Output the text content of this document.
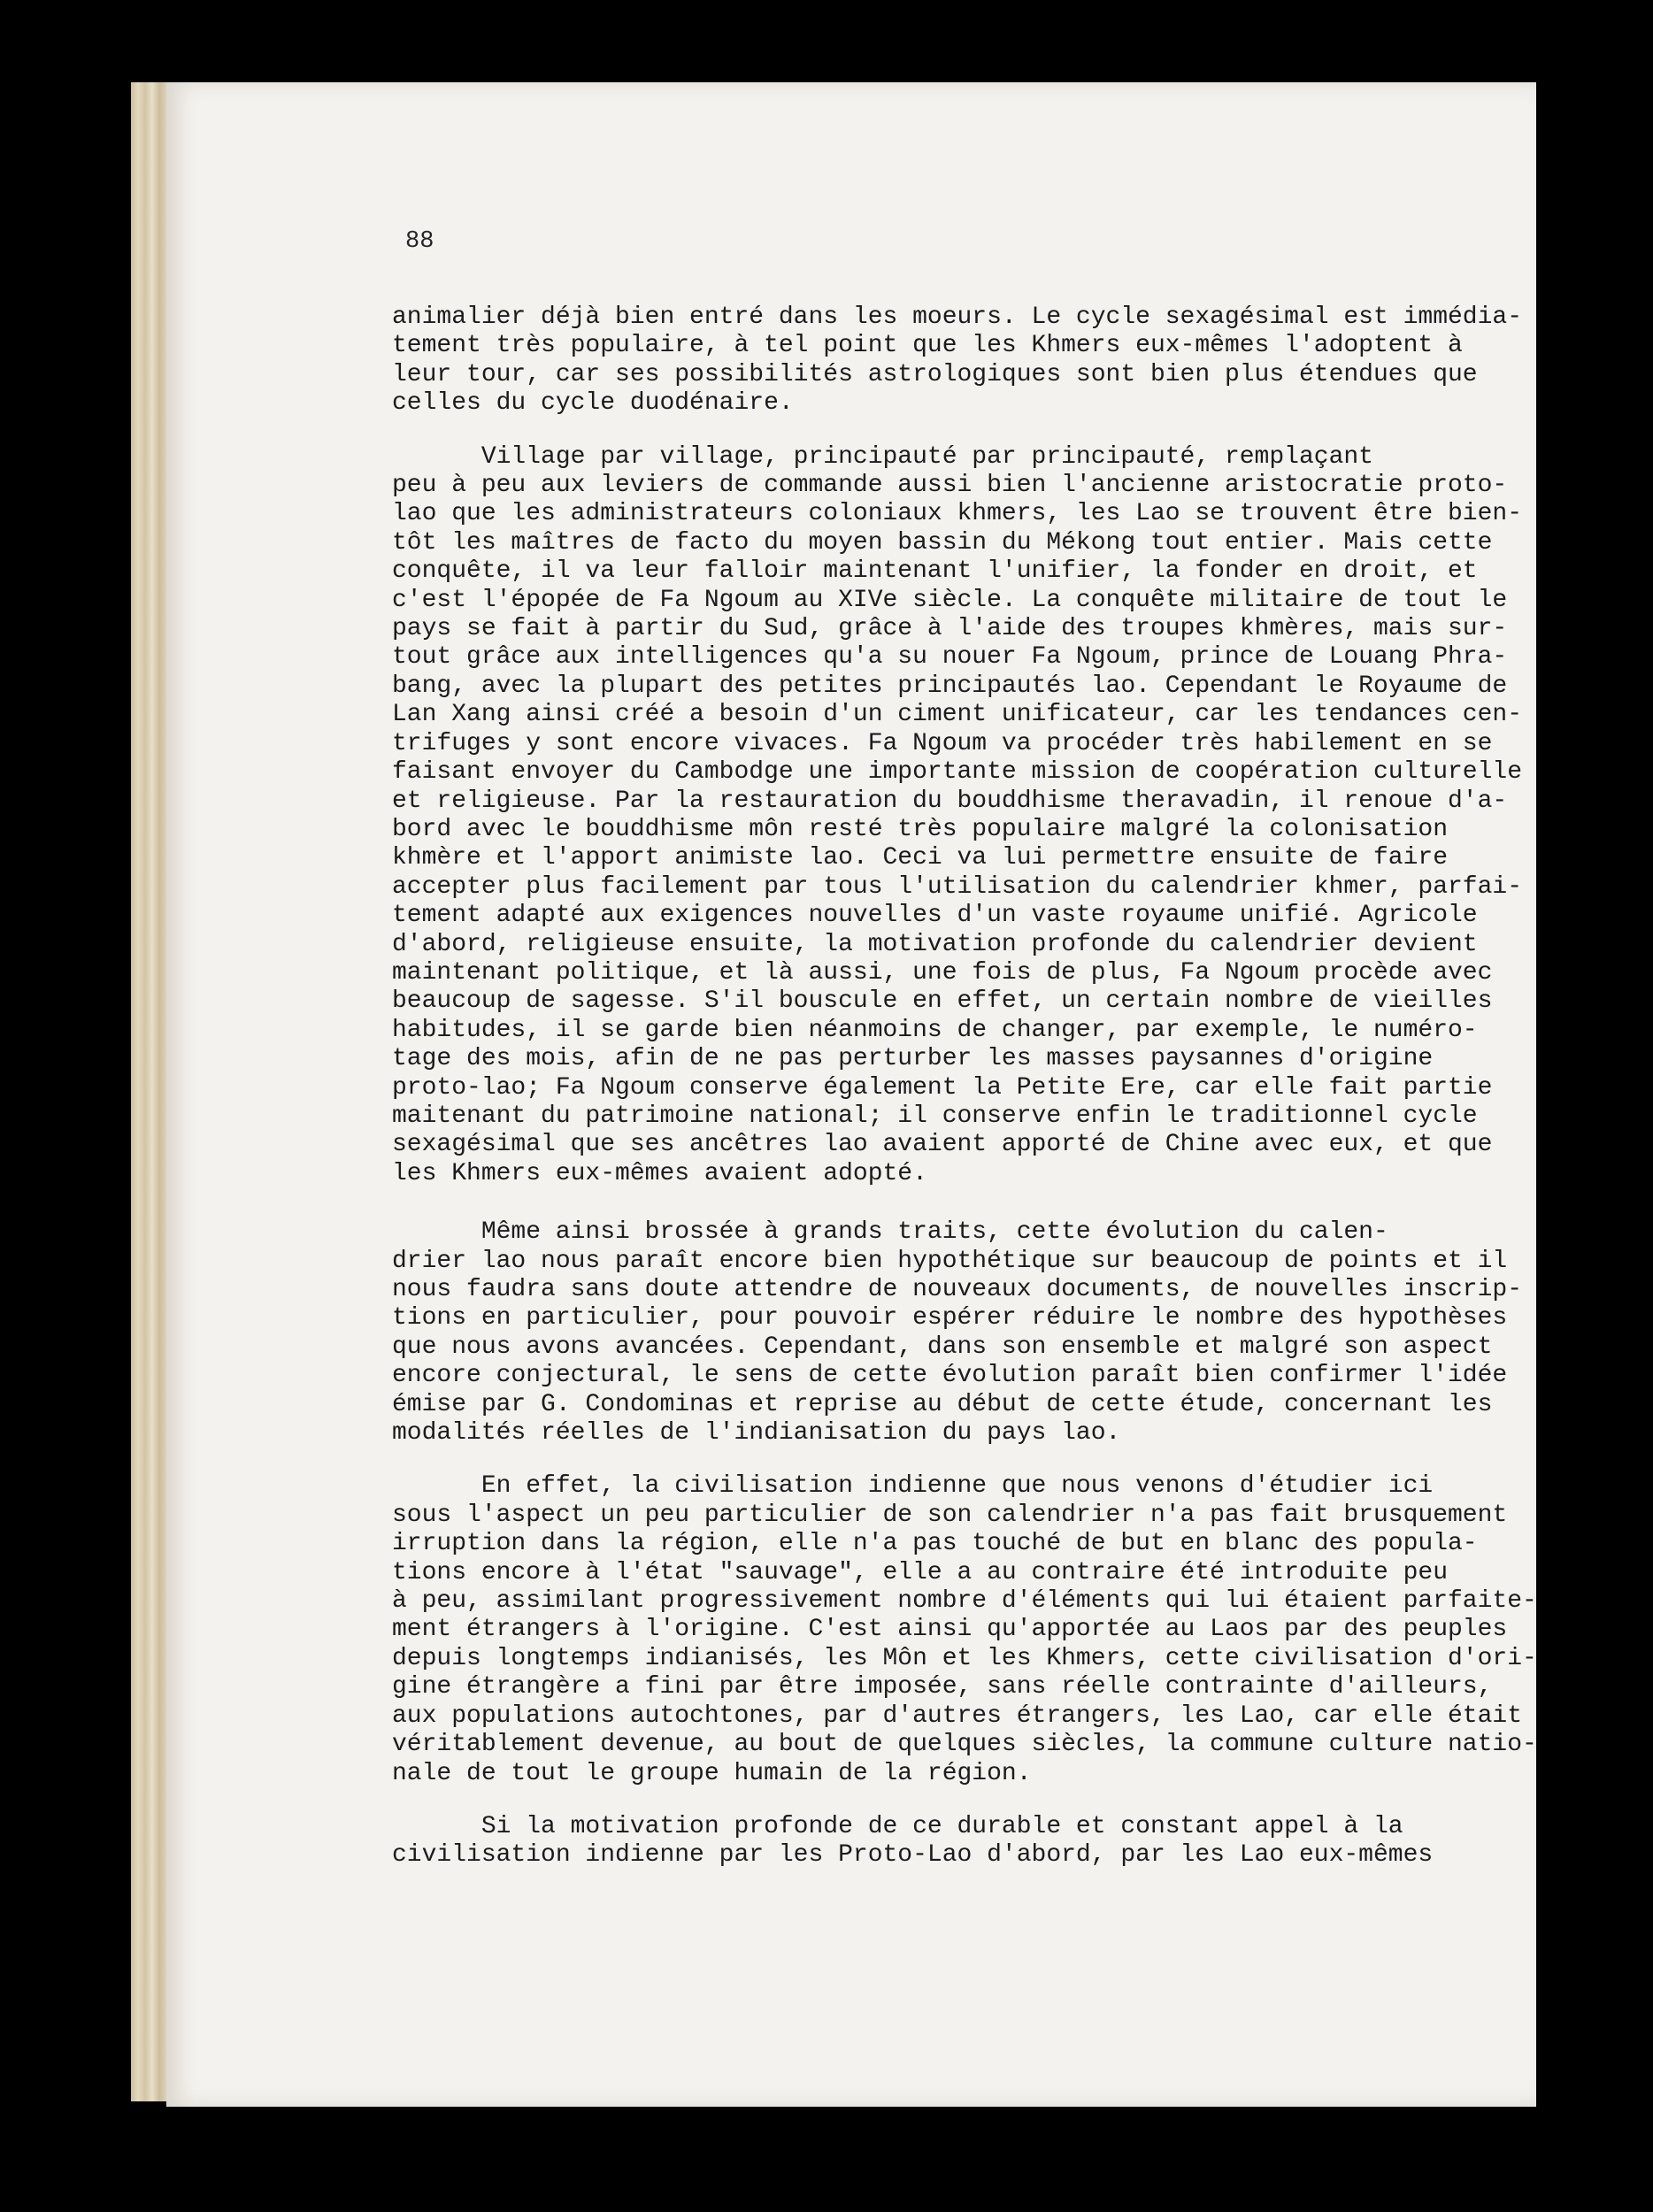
88
animalier déjà bien entré dans les moeurs. Le cycle sexagésimal est immédia-
tement très populaire, à tel point que les Khmers eux-mêmes l'adoptent à
leur tour, car ses possibilités astrologiques sont bien plus étendues que
celles du cycle duodénaire.
Village par village, principauté par principauté, remplaçant
peu à peu aux leviers de commande aussi bien l'ancienne aristocratie proto-
lao que les administrateurs coloniaux khmers, les Lao se trouvent être bien-
tôt les maîtres de facto du moyen bassin du Mékong tout entier. Mais cette
conquête, il va leur falloir maintenant l'unifier, la fonder en droit, et
c'est l'épopée de Fa Ngoum au XIVe siècle. La conquête militaire de tout le
pays se fait à partir du Sud, grâce à l'aide des troupes khmères, mais sur-
tout grâce aux intelligences qu'a su nouer Fa Ngoum, prince de Louang Phra-
bang, avec la plupart des petites principautés lao. Cependant le Royaume de
Lan Xang ainsi créé a besoin d'un ciment unificateur, car les tendances cen-
trifuges y sont encore vivaces. Fa Ngoum va procéder très habilement en se
faisant envoyer du Cambodge une importante mission de coopération culturelle
et religieuse. Par la restauration du bouddhisme theravadin, il renoue d'a-
bord avec le bouddhisme môn resté très populaire malgré la colonisation
khmère et l'apport animiste lao. Ceci va lui permettre ensuite de faire
accepter plus facilement par tous l'utilisation du calendrier khmer, parfai-
tement adapté aux exigences nouvelles d'un vaste royaume unifié. Agricole
d'abord, religieuse ensuite, la motivation profonde du calendrier devient
maintenant politique, et là aussi, une fois de plus, Fa Ngoum procède avec
beaucoup de sagesse. S'il bouscule en effet, un certain nombre de vieilles
habitudes, il se garde bien néanmoins de changer, par exemple, le numéro-
tage des mois, afin de ne pas perturber les masses paysannes d'origine
proto-lao; Fa Ngoum conserve également la Petite Ere, car elle fait partie
maitenant du patrimoine national; il conserve enfin le traditionnel cycle
sexagésimal que ses ancêtres lao avaient apporté de Chine avec eux, et que
les Khmers eux-mêmes avaient adopté.
Même ainsi brossée à grands traits, cette évolution du calen-
drier lao nous paraît encore bien hypothétique sur beaucoup de points et il
nous faudra sans doute attendre de nouveaux documents, de nouvelles inscrip-
tions en particulier, pour pouvoir espérer réduire le nombre des hypothèses
que nous avons avancées. Cependant, dans son ensemble et malgré son aspect
encore conjectural, le sens de cette évolution paraît bien confirmer l'idée
émise par G. Condominas et reprise au début de cette étude, concernant les
modalités réelles de l'indianisation du pays lao.
En effet, la civilisation indienne que nous venons d'étudier ici
sous l'aspect un peu particulier de son calendrier n'a pas fait brusquement
irruption dans la région, elle n'a pas touché de but en blanc des popula-
tions encore à l'état "sauvage", elle a au contraire été introduite peu
à peu, assimilant progressivement nombre d'éléments qui lui étaient parfaite-
ment étrangers à l'origine. C'est ainsi qu'apportée au Laos par des peuples
depuis longtemps indianisés, les Môn et les Khmers, cette civilisation d'ori-
gine étrangère a fini par être imposée, sans réelle contrainte d'ailleurs,
aux populations autochtones, par d'autres étrangers, les Lao, car elle était
véritablement devenue, au bout de quelques siècles, la commune culture natio-
nale de tout le groupe humain de la région.
Si la motivation profonde de ce durable et constant appel à la
civilisation indienne par les Proto-Lao d'abord, par les Lao eux-mêmes
